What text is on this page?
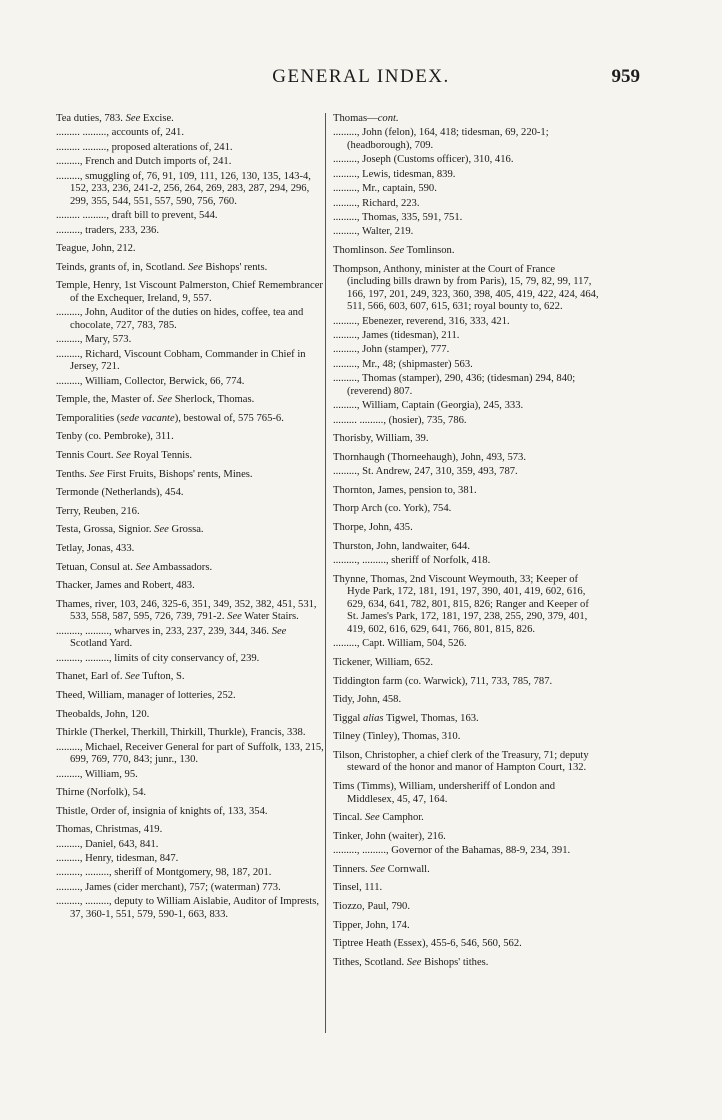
GENERAL INDEX.	959
Tea duties, 783. See Excise.
......... ........., accounts of, 241.
......... ........., proposed alterations of, 241.
........., French and Dutch imports of, 241.
........., smuggling of, 76, 91, 109, 111, 126, 130, 135, 143-4, 152, 233, 236, 241-2, 256, 264, 269, 283, 287, 294, 296, 299, 355, 544, 551, 557, 590, 756, 760.
......... ........., draft bill to prevent, 544.
........., traders, 233, 236.
Teague, John, 212.
Teinds, grants of, in, Scotland. See Bishops' rents.
Temple, Henry, 1st Viscount Palmerston, Chief Remembrancer of the Exchequer, Ireland, 9, 557.
........., John, Auditor of the duties on hides, coffee, tea and chocolate, 727, 783, 785.
........., Mary, 573.
........., Richard, Viscount Cobham, Commander in Chief in Jersey, 721.
........., William, Collector, Berwick, 66, 774.
Temple, the, Master of. See Sherlock, Thomas.
Temporalities (sede vacante), bestowal of, 575 765-6.
Tenby (co. Pembroke), 311.
Tennis Court. See Royal Tennis.
Tenths. See First Fruits, Bishops' rents, Mines.
Termonde (Netherlands), 454.
Terry, Reuben, 216.
Testa, Grossa, Signior. See Grossa.
Tetlay, Jonas, 433.
Tetuan, Consul at. See Ambassadors.
Thacker, James and Robert, 483.
Thames, river, 103, 246, 325-6, 351, 349, 352, 382, 451, 531, 533, 558, 587, 595, 726, 739, 791-2. See Water Stairs.
........., ........., wharves in, 233, 237, 239, 344, 346. See Scotland Yard.
........., ........., limits of city conservancy of, 239.
Thanet, Earl of. See Tufton, S.
Theed, William, manager of lotteries, 252.
Theobalds, John, 120.
Thirkle (Therkel, Therkill, Thirkill, Thurkle), Francis, 338.
........., Michael, Receiver General for part of Suffolk, 133, 215, 699, 769, 770, 843; junr., 130.
........., William, 95.
Thirne (Norfolk), 54.
Thistle, Order of, insignia of knights of, 133, 354.
Thomas, Christmas, 419.
........., Daniel, 643, 841.
........., Henry, tidesman, 847.
........., ........., sheriff of Montgomery, 98, 187, 201.
........., James (cider merchant), 757; (waterman) 773.
........., ........., deputy to William Aislabie, Auditor of Imprests, 37, 360-1, 551, 579, 590-1, 663, 833.
Thomas—cont.
........., John (felon), 164, 418; tidesman, 69, 220-1; (headborough), 709.
........., Joseph (Customs officer), 310, 416.
........., Lewis, tidesman, 839.
........., Mr., captain, 590.
........., Richard, 223.
........., Thomas, 335, 591, 751.
........., Walter, 219.
Thomlinson. See Tomlinson.
Thompson, Anthony, minister at the Court of France (including bills drawn by from Paris), 15, 79, 82, 99, 117, 166, 197, 201, 249, 323, 360, 398, 405, 419, 422, 424, 464, 511, 566, 603, 607, 615, 631; royal bounty to, 622.
........., Ebenezer, reverend, 316, 333, 421.
........., James (tidesman), 211.
........., John (stamper), 777.
........., Mr., 48; (shipmaster) 563.
........., Thomas (stamper), 290, 436; (tidesman) 294, 840; (reverend) 807.
........., William, Captain (Georgia), 245, 333.
......... ........., (hosier), 735, 786.
Thorisby, William, 39.
Thornhaugh (Thorneehaugh), John, 493, 573.
........., St. Andrew, 247, 310, 359, 493, 787.
Thornton, James, pension to, 381.
Thorp Arch (co. York), 754.
Thorpe, John, 435.
Thurston, John, landwaiter, 644.
........., ........., sheriff of Norfolk, 418.
Thynne, Thomas, 2nd Viscount Weymouth, 33; Keeper of Hyde Park, 172, 181, 191, 197, 390, 401, 419, 602, 616, 629, 634, 641, 782, 801, 815, 826; Ranger and Keeper of St. James's Park, 172, 181, 197, 238, 255, 290, 379, 401, 419, 602, 616, 629, 641, 766, 801, 815, 826.
........., Capt. William, 504, 526.
Tickener, William, 652.
Tiddington farm (co. Warwick), 711, 733, 785, 787.
Tidy, John, 458.
Tiggal alias Tigwel, Thomas, 163.
Tilney (Tinley), Thomas, 310.
Tilson, Christopher, a chief clerk of the Treasury, 71; deputy steward of the honor and manor of Hampton Court, 132.
Tims (Timms), William, undersheriff of London and Middlesex, 45, 47, 164.
Tincal. See Camphor.
Tinker, John (waiter), 216.
........., ........., Governor of the Bahamas, 88-9, 234, 391.
Tinners. See Cornwall.
Tinsel, 111.
Tiozzo, Paul, 790.
Tipper, John, 174.
Tiptree Heath (Essex), 455-6, 546, 560, 562.
Tithes, Scotland. See Bishops' tithes.
